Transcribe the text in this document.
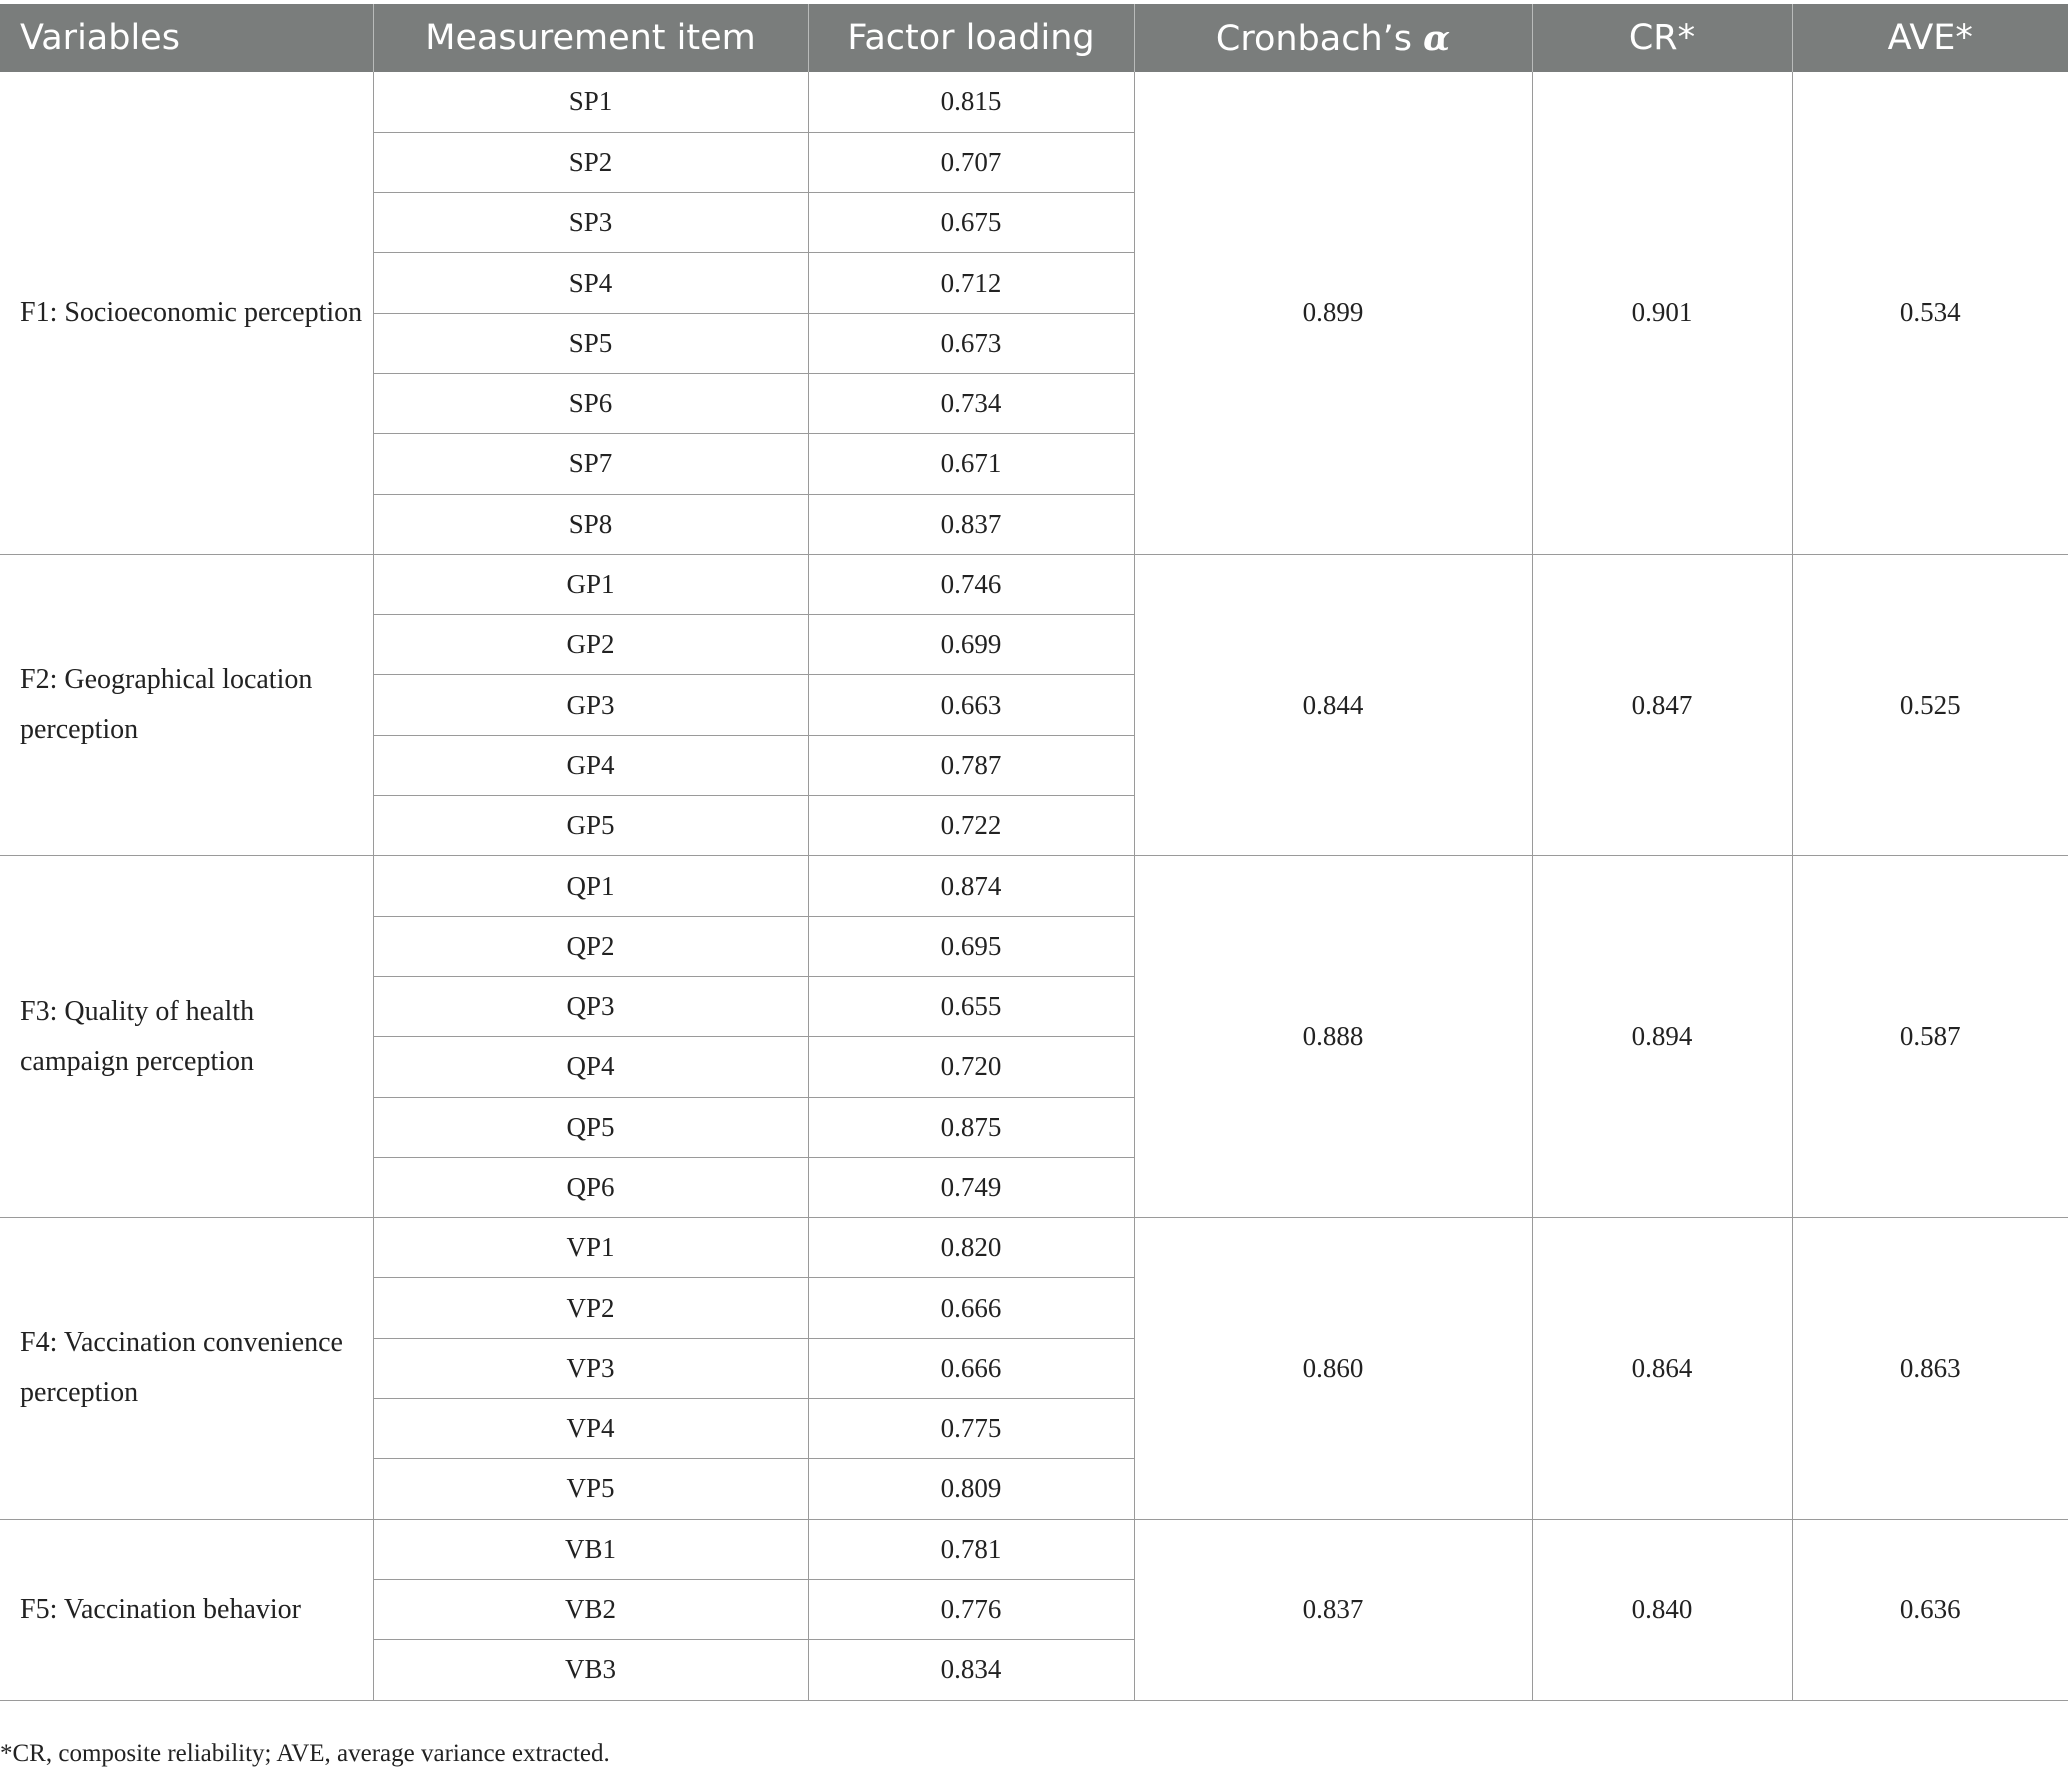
Variables	Measurement item	Factor loading	Cronbach’s α	CR*	AVE*
F1: Socioeconomic perception	SP1	0.815	0.899	0.901	0.534
	SP2	0.707			
	SP3	0.675			
	SP4	0.712			
	SP5	0.673			
	SP6	0.734			
	SP7	0.671			
	SP8	0.837			
F2: Geographical location perception	GP1	0.746	0.844	0.847	0.525
	GP2	0.699			
	GP3	0.663			
	GP4	0.787			
	GP5	0.722			
F3: Quality of health campaign perception	QP1	0.874	0.888	0.894	0.587
	QP2	0.695			
	QP3	0.655			
	QP4	0.720			
	QP5	0.875			
	QP6	0.749			
F4: Vaccination convenience perception	VP1	0.820	0.860	0.864	0.863
	VP2	0.666			
	VP3	0.666			
	VP4	0.775			
	VP5	0.809			
F5: Vaccination behavior	VB1	0.781	0.837	0.840	0.636
	VB2	0.776			
	VB3	0.834			
*CR, composite reliability; AVE, average variance extracted.
